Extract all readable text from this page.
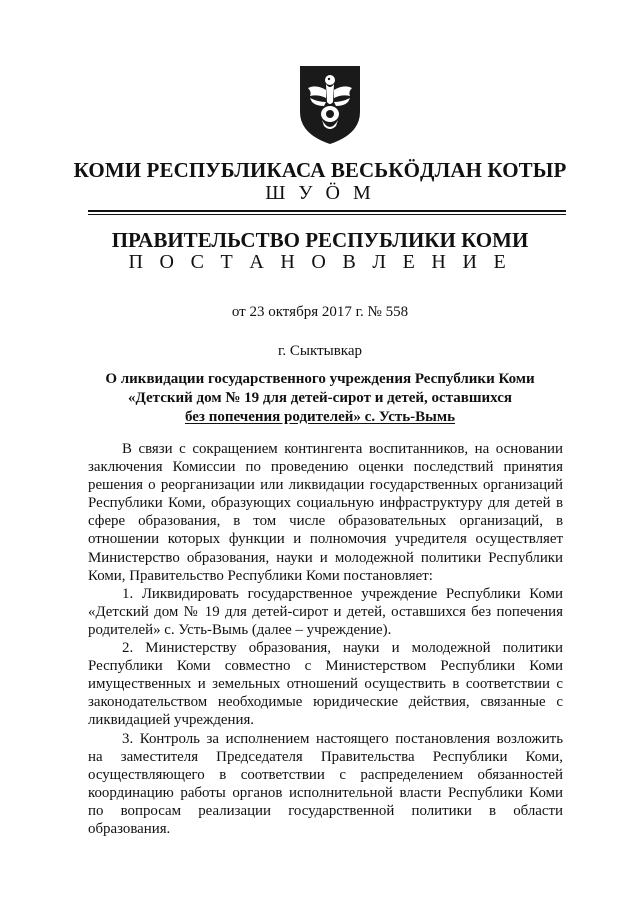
КОМИ РЕСПУБЛИКАСА ВЕСЬКӦДЛАН КОТЫР
Ш У Ӧ М
ПРАВИТЕЛЬСТВО РЕСПУБЛИКИ КОМИ
П О С Т А Н О В Л Е Н И Е
от 23 октября 2017 г. № 558
г. Сыктывкар
О ликвидации государственного учреждения Республики Коми
«Детский дом № 19 для детей-сирот и детей, оставшихся
без попечения родителей» с. Усть-Вымь

В связи с сокращением контингента воспитанников, на основании заключения Комиссии по проведению оценки последствий принятия решения о реорганизации или ликвидации государственных организаций Республики Коми, образующих социальную инфраструктуру для детей в сфере образования, в том числе образовательных организаций, в отношении которых функции и полномочия учредителя осуществляет Министерство образования, науки и молодежной политики Республики Коми, Правительство Республики Коми постановляет:

1. Ликвидировать государственное учреждение Республики Коми «Детский дом № 19 для детей-сирот и детей, оставшихся без попечения родителей» с. Усть-Вымь (далее – учреждение).

2. Министерству образования, науки и молодежной политики Республики Коми совместно с Министерством Республики Коми имущественных и земельных отношений осуществить в соответствии с законодательством необходимые юридические действия, связанные с ликвидацией учреждения.

3. Контроль за исполнением настоящего постановления возложить на заместителя Председателя Правительства Республики Коми, осуществляющего в соответствии с распределением обязанностей координацию работы органов исполнительной власти Республики Коми по вопросам реализации государственной политики в области образования.
